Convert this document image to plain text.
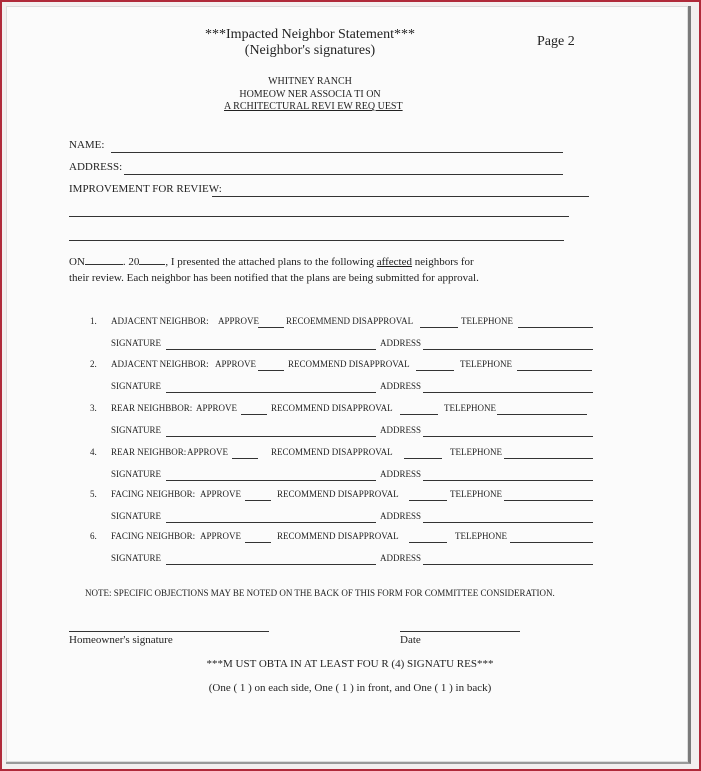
***Impacted Neighbor Statement***
(Neighbor's signatures)
Page 2
WHITNEY RANCH
HOMEOW NER ASSOCIA TI ON
A RCHITECTURAL REVI EW REQ UEST
NAME:
ADDRESS:
IMPROVEMENT FOR REVIEW:
ON	. 20 , I presented the attached plans to the following affected neighbors for
their review. Each neighbor has been notified that the plans are being submitted for approval.
1. ADJACENT NEIGHBOR: APPROVE	RECOEMMEND DISAPPROVAL	TELEPHONE
SIGNATURE	ADDRESS
2. ADJACENT NEIGHBOR: APPROVE	RECOMMEND DISAPPROVAL	TELEPHONE
SIGNATURE	ADDRESS
3. REAR NEIGHBBOR: APPROVE	RECOMMEND DISAPPROVAL	TELEPHONE
SIGNATURE	ADDRESS
4. REAR NEIGHBOR: APPROVE	RECOMMEND DISAPPROVAL	TELEPHONE
SIGNATURE	ADDRESS
5. FACING NEIGHBOR: APPROVE	RECOMMEND DISAPPROVAL	TELEPHONE
SIGNATURE	ADDRESS
6. FACING NEIGHBOR: APPROVE	RECOMMEND DISAPPROVAL	TELEPHONE
SIGNATURE	ADDRESS
NOTE: SPECIFIC OBJECTIONS MAY BE NOTED ON THE BACK OF THIS FORM FOR COMMITTEE CONSIDERATION.
Homeowner's signature	Date
***M UST OBTA IN AT LEAST FOU R (4) SIGNATU RES***
(One ( 1 ) on each side, One ( 1 ) in front, and One ( 1 ) in back)
